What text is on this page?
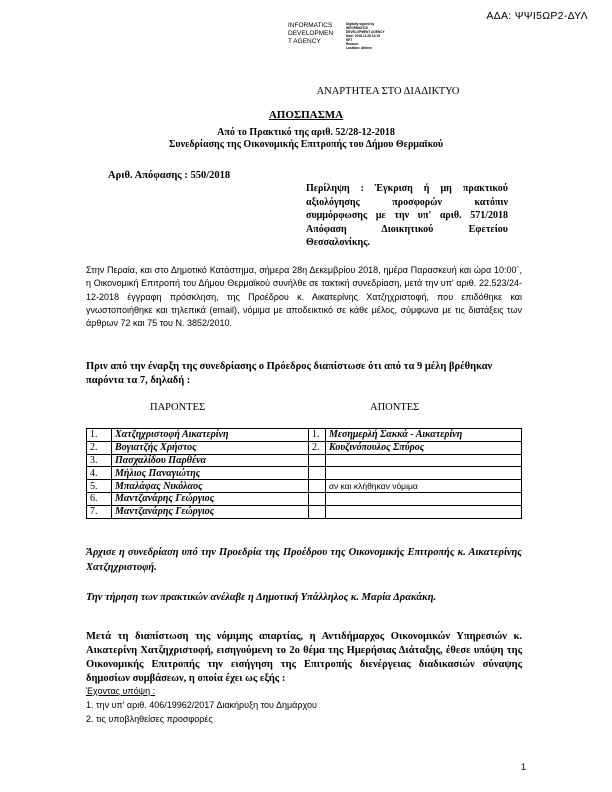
ΑΔΑ: ΨΨΙ5ΩΡ2-ΔΥΛ
INFORMATICS
DEVELOPMEN
T AGENCY
Digitally signed by
INFORMATICS
DEVELOPMENT AGENCY
Date: 2018.12.28 13:15
EET
Reason:
Location: Athens
ΑΝΑΡΤΗΤΕΑ ΣΤΟ ΔΙΑΔΙΚΤΥΟ
ΑΠΟΣΠΑΣΜΑ
Από το Πρακτικό της αριθ. 52/28-12-2018
Συνεδρίασης της Οικονομικής Επιτροπής του Δήμου Θερμαϊκού
Αριθ. Απόφασης : 550/2018
Περίληψη : Έγκριση ή μη πρακτικού αξιολόγησης προσφορών κατόπιν συμμόρφωσης με την υπ' αριθ. 571/2018 Απόφαση Διοικητικού Εφετείου Θεσσαλονίκης.
Στην Περαία, και στο Δημοτικό Κατάστημα, σήμερα 28η Δεκεμβρίου 2018, ημέρα Παρασκευή και ώρα 10:00΄, η Οικονομική Επιτροπή του Δήμου Θερμαϊκού συνήλθε σε τακτική συνεδρίαση, μετά την υπ' αριθ. 22.523/24-12-2018 έγγραφη πρόσκληση, της Προέδρου κ. Αικατερίνης Χατζηχριστοφή, που επιδόθηκε και γνωστοποιήθηκε και τηλεπικά (email), νόμιμα με αποδεικτικό σε κάθε μέλος, σύμφωνα με τις διατάξεις των άρθρων 72 και 75 του Ν. 3852/2010.
Πριν από την έναρξη της συνεδρίασης ο Πρόεδρος διαπίστωσε ότι από τα 9 μέλη βρέθηκαν παρόντα τα 7, δηλαδή :
ΠΑΡΟΝΤΕΣ	ΑΠΟΝΤΕΣ
1.	Χατζηχριστοφή Αικατερίνη	1.	Μεσημερλή Σακκά - Αικατερίνη
2.	Βογιατζής Χρήστος	2.	Κουζινόπουλος Σπύρος
3.	Πασχαλίδου Παρθένα		
4.	Μήλιος Παναγιώτης		
5.	Μπαλάφας Νικόλαος		αν και κλήθηκαν νόμιμα
6.	Μαντζανάρης Γεώργιος		
7.	Μαντζανάρης Γεώργιος		
Άρχισε η συνεδρίαση υπό την Προεδρία της Προέδρου της Οικονομικής Επιτροπής κ. Αικατερίνης Χατζηχριστοφή.
Την τήρηση των πρακτικών ανέλαβε η Δημοτική Υπάλληλος κ. Μαρία Δρακάκη.
Μετά τη διαπίστωση της νόμιμης απαρτίας, η Αντιδήμαρχος Οικονομικών Υπηρεσιών κ. Αικατερίνη Χατζηχριστοφή, εισηγούμενη το 2ο θέμα της Ημερήσιας Διάταξης, έθεσε υπόψη της Οικονομικής Επιτροπής την εισήγηση της Επιτροπής διενέργειας διαδικασιών σύναψης δημοσίων συμβάσεων, η οποία έχει ως εξής :
Έχοντας υπόψη :
1. την υπ' αριθ. 406/19962/2017 Διακήρυξη του Δημάρχου
2. τις υποβληθείσες προσφορές
1
